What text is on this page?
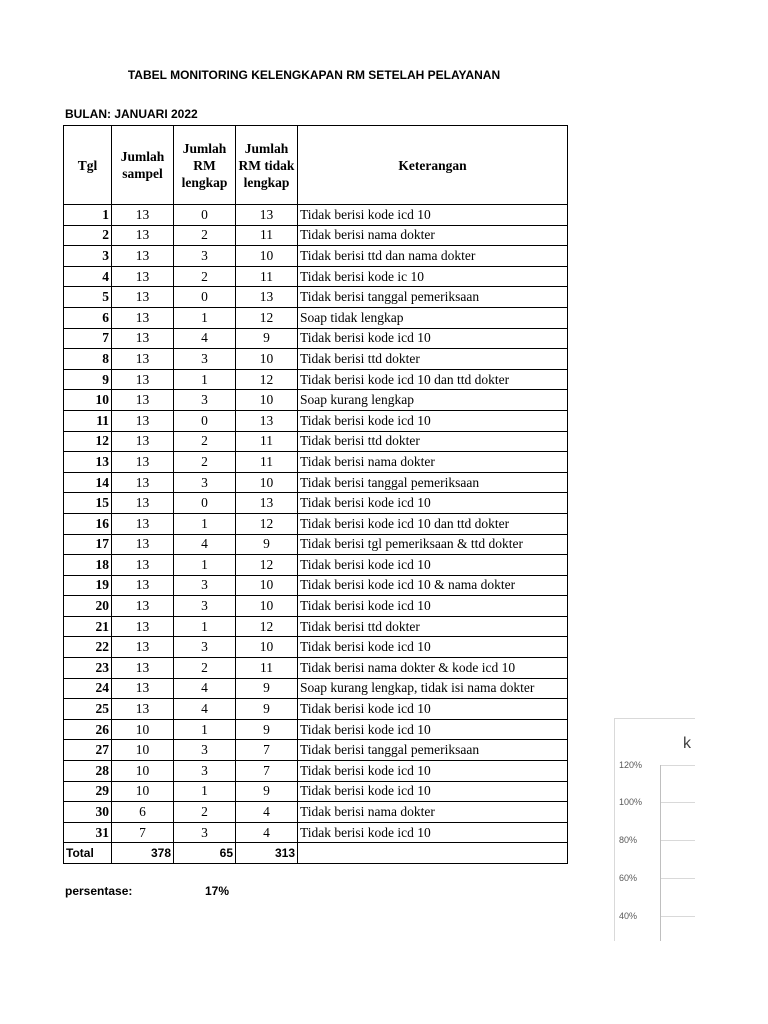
TABEL MONITORING KELENGKAPAN RM SETELAH PELAYANAN
BULAN: JANUARI 2022
Tgl	Jumlah sampel	Jumlah RM lengkap	Jumlah RM tidak lengkap	Keterangan
1	13	0	13	Tidak berisi kode icd 10
2	13	2	11	Tidak berisi nama dokter
3	13	3	10	Tidak berisi ttd dan nama dokter
4	13	2	11	Tidak berisi kode ic 10
5	13	0	13	Tidak berisi tanggal pemeriksaan
6	13	1	12	Soap tidak lengkap
7	13	4	9	Tidak berisi kode icd 10
8	13	3	10	Tidak berisi ttd dokter
9	13	1	12	Tidak berisi kode icd 10 dan ttd dokter
10	13	3	10	Soap kurang lengkap
11	13	0	13	Tidak berisi kode icd 10
12	13	2	11	Tidak berisi ttd dokter
13	13	2	11	Tidak berisi nama dokter
14	13	3	10	Tidak berisi tanggal pemeriksaan
15	13	0	13	Tidak berisi kode icd 10
16	13	1	12	Tidak berisi kode icd 10 dan ttd dokter
17	13	4	9	Tidak berisi tgl pemeriksaan & ttd dokter
18	13	1	12	Tidak berisi kode icd 10
19	13	3	10	Tidak berisi kode icd 10 & nama dokter
20	13	3	10	Tidak berisi kode icd 10
21	13	1	12	Tidak berisi ttd dokter
22	13	3	10	Tidak berisi kode icd 10
23	13	2	11	Tidak berisi nama dokter & kode icd 10
24	13	4	9	Soap kurang lengkap, tidak isi nama dokter
25	13	4	9	Tidak berisi kode icd 10
26	10	1	9	Tidak berisi kode icd 10
27	10	3	7	Tidak berisi tanggal pemeriksaan
28	10	3	7	Tidak berisi kode icd 10
29	10	1	9	Tidak berisi kode icd 10
30	6	2	4	Tidak berisi nama dokter
31	7	3	4	Tidak berisi kode icd 10
Total	378	65	313	
persentase:	17%
k
120%
100%
80%
60%
40%
